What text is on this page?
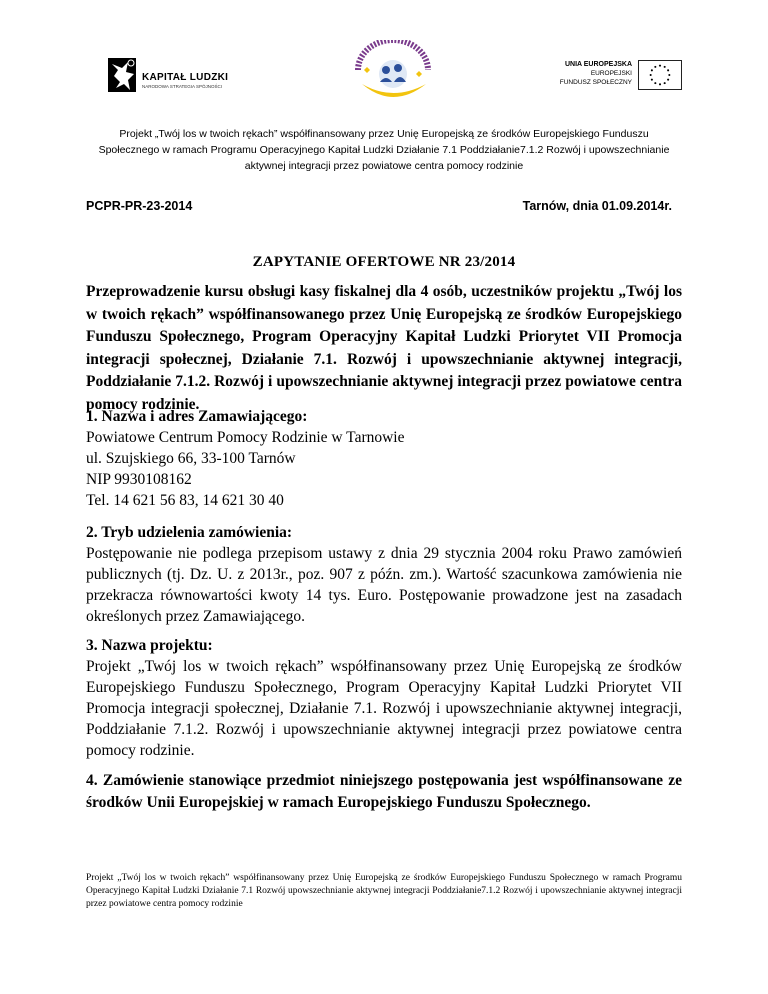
KAPITAŁ LUDZKI
NARODOWA STRATEGIA SPÓJNOŚCI
UNIA EUROPEJSKA
EUROPEJSKI
FUNDUSZ SPOŁECZNY
Projekt „Twój los w twoich rękach” współfinansowany przez Unię Europejską ze środków Europejskiego Funduszu
Społecznego w ramach Programu Operacyjnego Kapitał Ludzki Działanie 7.1 Poddziałanie7.1.2 Rozwój i upowszechnianie
aktywnej integracji przez powiatowe centra pomocy rodzinie
PCPR-PR-23-2014	Tarnów, dnia 01.09.2014r.
ZAPYTANIE OFERTOWE NR 23/2014
Przeprowadzenie kursu obsługi kasy fiskalnej dla 4 osób, uczestników projektu „Twój los w twoich rękach” współfinansowanego przez Unię Europejską ze środków Europejskiego Funduszu Społecznego, Program Operacyjny Kapitał Ludzki Priorytet VII Promocja integracji społecznej, Działanie 7.1. Rozwój i upowszechnianie aktywnej integracji, Poddziałanie 7.1.2. Rozwój i upowszechnianie aktywnej integracji przez powiatowe centra pomocy rodzinie.
1. Nazwa i adres Zamawiającego:
Powiatowe Centrum Pomocy Rodzinie w Tarnowie
ul. Szujskiego 66, 33-100 Tarnów
NIP 9930108162
Tel. 14 621 56 83, 14 621 30 40
2. Tryb udzielenia zamówienia:
Postępowanie nie podlega przepisom ustawy z dnia 29 stycznia 2004 roku Prawo zamówień publicznych (tj. Dz. U. z 2013r., poz. 907 z późn. zm.). Wartość szacunkowa zamówienia nie przekracza równowartości kwoty 14 tys. Euro. Postępowanie prowadzone jest na zasadach określonych przez Zamawiającego.
3. Nazwa projektu:
Projekt „Twój los w twoich rękach” współfinansowany przez Unię Europejską ze środków Europejskiego Funduszu Społecznego, Program Operacyjny Kapitał Ludzki Priorytet VII Promocja integracji społecznej, Działanie 7.1. Rozwój i upowszechnianie aktywnej integracji, Poddziałanie 7.1.2. Rozwój i upowszechnianie aktywnej integracji przez powiatowe centra pomocy rodzinie.
4. Zamówienie stanowiące przedmiot niniejszego postępowania jest współfinansowane ze środków Unii Europejskiej w ramach Europejskiego Funduszu Społecznego.
Projekt „Twój los w twoich rękach” współfinansowany przez Unię Europejską ze środków Europejskiego Funduszu Społecznego w ramach Programu Operacyjnego Kapitał Ludzki Działanie 7.1 Rozwój upowszechnianie aktywnej integracji Poddziałanie7.1.2 Rozwój i upowszechnianie aktywnej integracji przez powiatowe centra pomocy rodzinie
